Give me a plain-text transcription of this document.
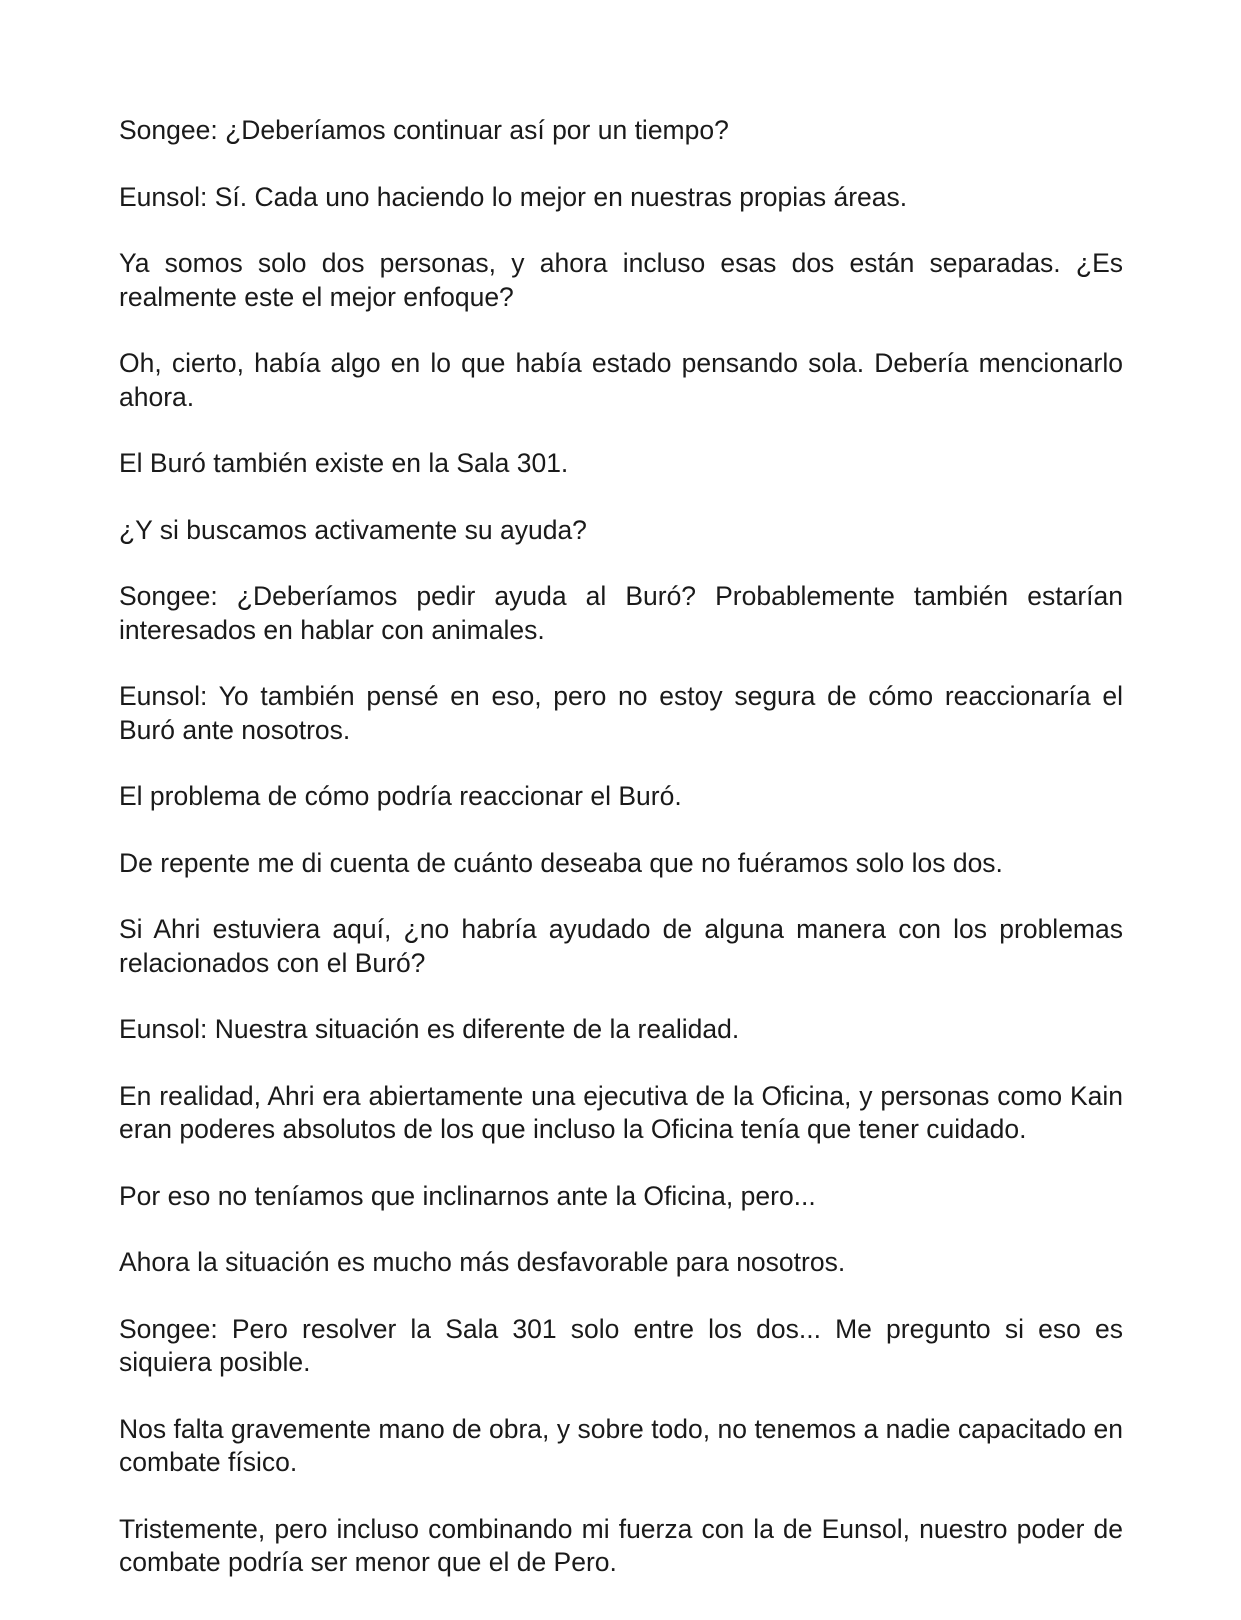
Songee: ¿Deberíamos continuar así por un tiempo?

Eunsol: Sí. Cada uno haciendo lo mejor en nuestras propias áreas.

Ya somos solo dos personas, y ahora incluso esas dos están separadas. ¿Es realmente este el mejor enfoque?

Oh, cierto, había algo en lo que había estado pensando sola. Debería mencionarlo ahora.

El Buró también existe en la Sala 301.

¿Y si buscamos activamente su ayuda?

Songee: ¿Deberíamos pedir ayuda al Buró? Probablemente también estarían interesados en hablar con animales.

Eunsol: Yo también pensé en eso, pero no estoy segura de cómo reaccionaría el Buró ante nosotros.

El problema de cómo podría reaccionar el Buró.

De repente me di cuenta de cuánto deseaba que no fuéramos solo los dos.

Si Ahri estuviera aquí, ¿no habría ayudado de alguna manera con los problemas relacionados con el Buró?

Eunsol: Nuestra situación es diferente de la realidad.

En realidad, Ahri era abiertamente una ejecutiva de la Oficina, y personas como Kain eran poderes absolutos de los que incluso la Oficina tenía que tener cuidado.

Por eso no teníamos que inclinarnos ante la Oficina, pero...

Ahora la situación es mucho más desfavorable para nosotros.

Songee: Pero resolver la Sala 301 solo entre los dos... Me pregunto si eso es siquiera posible.

Nos falta gravemente mano de obra, y sobre todo, no tenemos a nadie capacitado en combate físico.

Tristemente, pero incluso combinando mi fuerza con la de Eunsol, nuestro poder de combate podría ser menor que el de Pero.
